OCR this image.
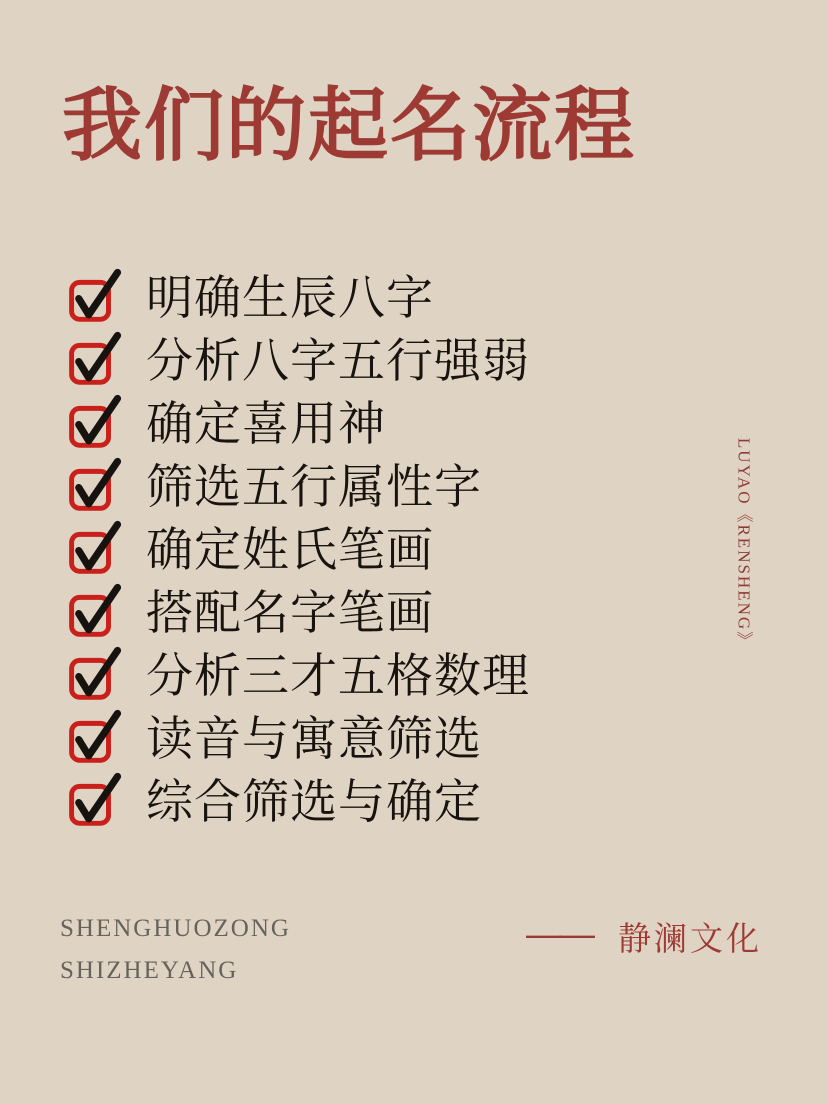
我们的起名流程
明确生辰八字
分析八字五行强弱
确定喜用神
筛选五行属性字
确定姓氏笔画
搭配名字笔画
分析三才五格数理
读音与寓意筛选
综合筛选与确定
LUYAO《RENSHENG》
SHENGHUOZONG
SHIZHEYANG
—— 静澜文化
